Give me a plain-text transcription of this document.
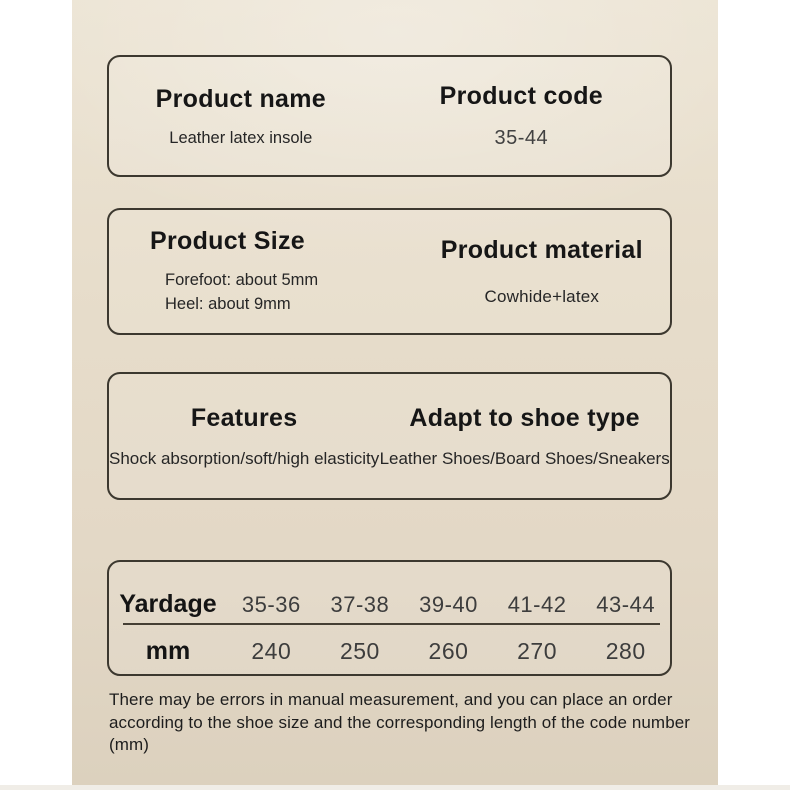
Product name
Leather latex insole
Product code
35-44
Product Size
Forefoot: about 5mm
Heel: about 9mm
Product material
Cowhide+latex
Features
Shock absorption/soft/high elasticity
Adapt to shoe type
Leather Shoes/Board Shoes/Sneakers
Yardage	35-36	37-38	39-40	41-42	43-44
mm	240	250	260	270	280
There may be errors in manual measurement, and you can place an order
according to the shoe size and the corresponding length of the code number (mm)
